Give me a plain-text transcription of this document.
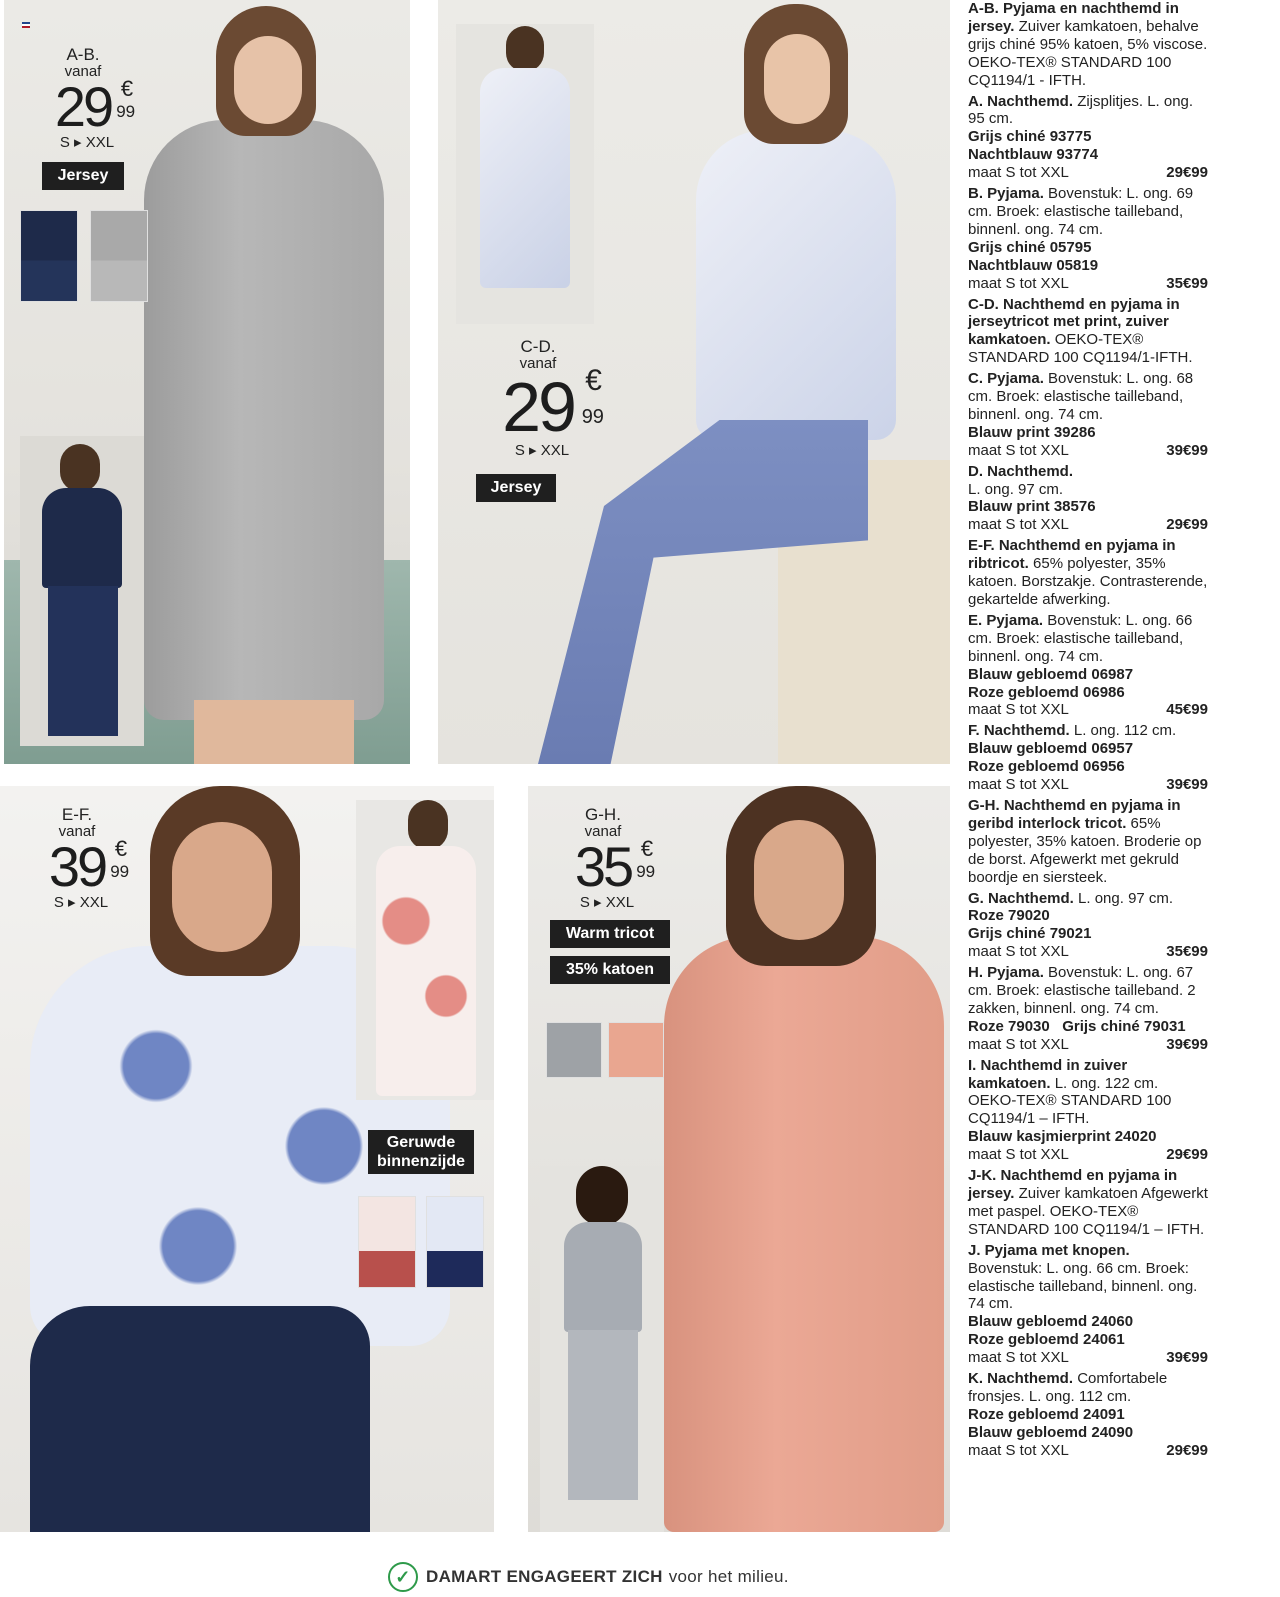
A-B.
vanaf
29 €
99
S ▸ XXL
Jersey
C-D.
vanaf
29 €
99
S ▸ XXL
Jersey
E-F.
vanaf
39 €
99
S ▸ XXL
Geruwde binnenzijde
G-H.
vanaf
35 €
99
S ▸ XXL
Warm tricot
35% katoen

A-B. Pyjama en nachthemd in jersey. Zuiver kamkatoen, behalve grijs chiné 95% katoen, 5% viscose. OEKO-TEX® STANDARD 100 CQ1194/1 - IFTH.

A. Nachthemd. Zijsplitjes. L. ong. 95 cm.

Grijs chiné 93775

Nachtblauw 93774

maat S tot XXL	29€99

B. Pyjama. Bovenstuk: L. ong. 69 cm. Broek: elastische tailleband, binnenl. ong. 74 cm.

Grijs chiné 05795

Nachtblauw 05819

maat S tot XXL	35€99

C-D. Nachthemd en pyjama in jerseytricot met print, zuiver kamkatoen. OEKO-TEX® STANDARD 100 CQ1194/1-IFTH.

C. Pyjama. Bovenstuk: L. ong. 68 cm. Broek: elastische tailleband, binnenl. ong. 74 cm.

Blauw print 39286

maat S tot XXL	39€99

D. Nachthemd.

L. ong. 97 cm.

Blauw print 38576

maat S tot XXL	29€99

E-F. Nachthemd en pyjama in ribtricot. 65% polyester, 35% katoen. Borstzakje. Contrasterende, gekartelde afwerking.

E. Pyjama. Bovenstuk: L. ong. 66 cm. Broek: elastische tailleband, binnenl. ong. 74 cm.

Blauw gebloemd 06987

Roze gebloemd 06986

maat S tot XXL	45€99

F. Nachthemd. L. ong. 112 cm.

Blauw gebloemd 06957

Roze gebloemd 06956

maat S tot XXL	39€99

G-H. Nachthemd en pyjama in geribd interlock tricot. 65% polyester, 35% katoen. Broderie op de borst. Afgewerkt met gekruld boordje en siersteek.

G. Nachthemd. L. ong. 97 cm.

Roze 79020

Grijs chiné 79021

maat S tot XXL	35€99

H. Pyjama. Bovenstuk: L. ong. 67 cm. Broek: elastische tailleband. 2 zakken, binnenl. ong. 74 cm.

Roze 79030   Grijs chiné 79031

maat S tot XXL	39€99

I. Nachthemd in zuiver kamkatoen. L. ong. 122 cm. OEKO-TEX® STANDARD 100 CQ1194/1 – IFTH.

Blauw kasjmierprint 24020

maat S tot XXL	29€99

J-K. Nachthemd en pyjama in jersey. Zuiver kamkatoen Afgewerkt met paspel. OEKO-TEX® STANDARD 100 CQ1194/1 – IFTH.

J. Pyjama met knopen. Bovenstuk: L. ong. 66 cm. Broek: elastische tailleband, binnenl. ong. 74 cm.

Blauw gebloemd 24060

Roze gebloemd 24061

maat S tot XXL	39€99

K. Nachthemd. Comfortabele fronsjes. L. ong. 112 cm.

Roze gebloemd 24091

Blauw gebloemd 24090

maat S tot XXL	29€99

✓ DAMART ENGAGEERT ZICH voor het milieu.
